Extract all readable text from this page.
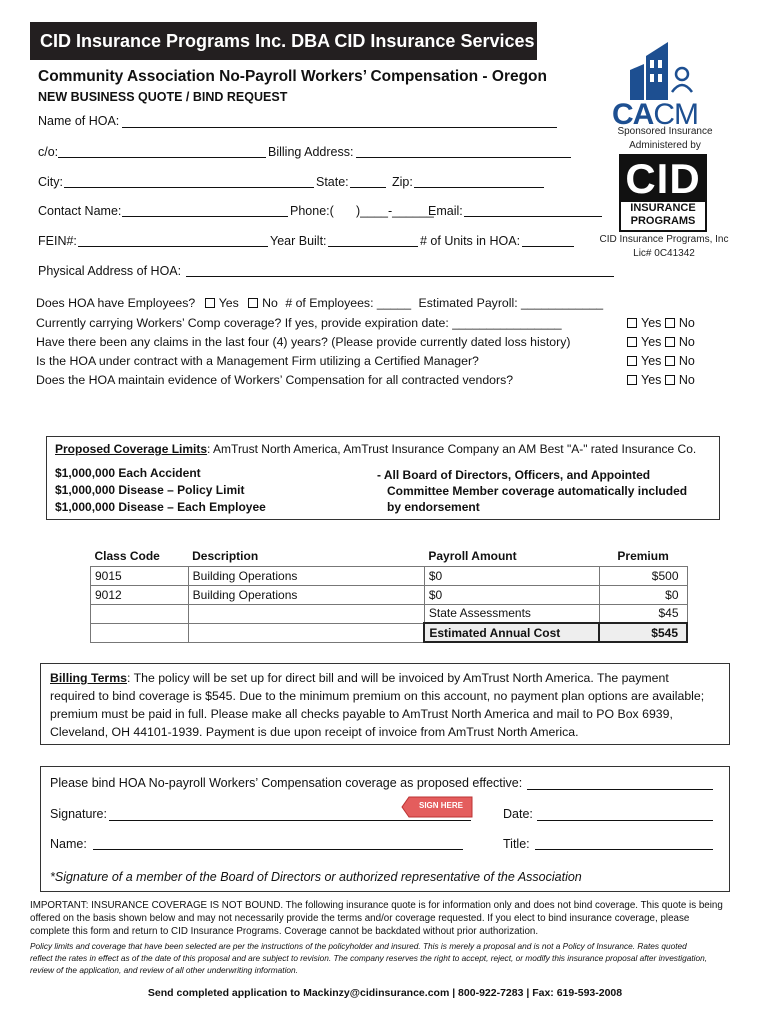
CID Insurance Programs Inc. DBA CID Insurance Services
Community Association No-Payroll Workers’ Compensation - Oregon
NEW BUSINESS QUOTE / BIND REQUEST
CACM
Sponsored Insurance
Administered by
CID
INSURANCE
PROGRAMS
CID Insurance Programs, Inc
Lic# 0C41342
Name of HOA:
c/o:	Billing Address:
City:	State:	Zip:
Contact Name:	Phone:( )____-______
Email:
FEIN#:	Year Built:	# of Units in HOA:
Physical Address of HOA:
Does HOA have Employees? Yes No # of Employees: _____ Estimated Payroll: ____________
Currently carrying Workers’ Comp coverage? If yes, provide expiration date: ________________
Have there been any claims in the last four (4) years? (Please provide currently dated loss history)
Is the HOA under contract with a Management Firm utilizing a Certified Manager?
Does the HOA maintain evidence of Workers’ Compensation for all contracted vendors?
Yes No
Yes No
Yes No
Yes No
Proposed Coverage Limits: AmTrust North America, AmTrust Insurance Company an AM Best "A-" rated Insurance Co.
$1,000,000 Each Accident
$1,000,000 Disease – Policy Limit
$1,000,000 Disease – Each Employee
- All Board of Directors, Officers, and Appointed
Committee Member coverage automatically included
by endorsement
Class Code	Description	Payroll Amount	Premium
9015	Building Operations	$0	$500
9012	Building Operations	$0	$0
		State Assessments	$45
		Estimated Annual Cost	$545
Billing Terms: The policy will be set up for direct bill and will be invoiced by AmTrust North America. The payment
required to bind coverage is $545. Due to the minimum premium on this account, no payment plan options are available;
premium must be paid in full. Please make all checks payable to AmTrust North America and mail to PO Box 6939,
Cleveland, OH 44101-1939. Payment is due upon receipt of invoice from AmTrust North America.
Please bind HOA No-payroll Workers’ Compensation coverage as proposed effective:
Signature:
SIGN HERE
Date:
Name:	Title:
*Signature of a member of the Board of Directors or authorized representative of the Association
IMPORTANT: INSURANCE COVERAGE IS NOT BOUND. The following insurance quote is for information only and does not bind coverage. This quote is being
offered on the basis shown below and may not necessarily provide the terms and/or coverage requested. If you elect to bind insurance coverage, please
complete this form and return to CID Insurance Programs. Coverage cannot be backdated without prior authorization.
Policy limits and coverage that have been selected are per the instructions of the policyholder and insured. This is merely a proposal and is not a Policy of Insurance. Rates quoted
reflect the rates in effect as of the date of this proposal and are subject to revision. The company reserves the right to accept, reject, or modify this insurance proposal after investigation,
review of the application, and review of all other underwriting information.
Send completed application to Mackinzy@cidinsurance.com | 800-922-7283 | Fax: 619-593-2008
